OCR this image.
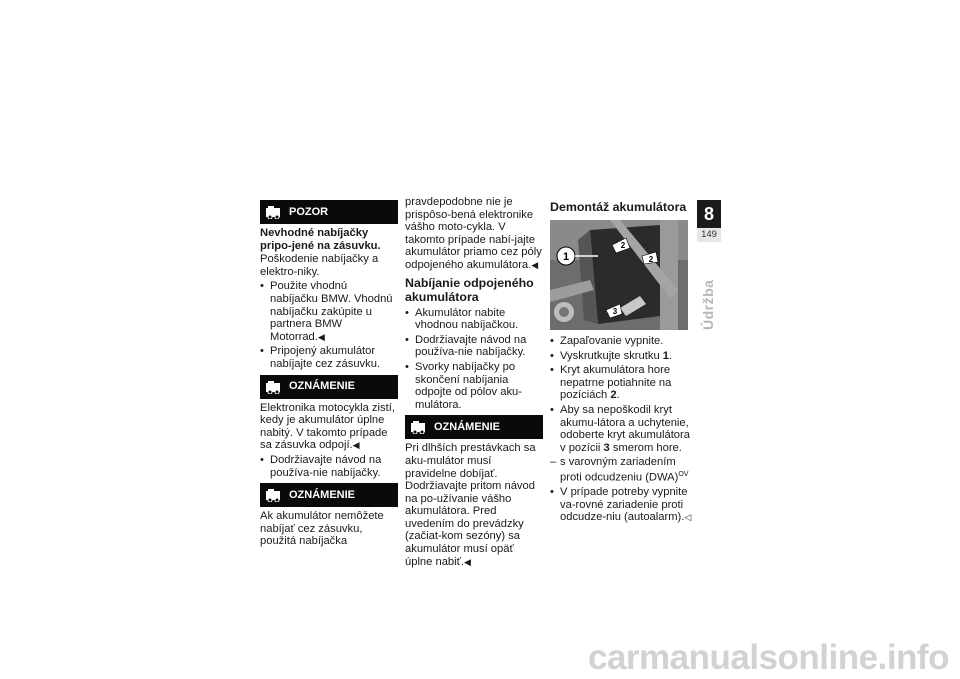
POZOR

Nevhodné nabíjačky pripo-jené na zásuvku.

Poškodenie nabíjačky a elektro-niky.

• Použite vhodnú nabíjačku BMW. Vhodnú nabíjačku zakúpite u partnera BMW Motorrad.◀
• Pripojený akumulátor nabíjajte cez zásuvku.
OZNÁMENIE

Elektronika motocykla zistí, kedy je akumulátor úplne nabitý. V takomto prípade sa zásuvka odpojí.◀

• Dodržiavajte návod na používa-nie nabíjačky.
OZNÁMENIE

Ak akumulátor nemôžete nabíjať cez zásuvku, použitá nabíjačka

pravdepodobne nie je prispôso-bená elektronike vášho moto-cykla. V takomto prípade nabí-jajte akumulátor priamo cez póly odpojeného akumulátora.◀

Nabíjanie odpojeného akumulátora
• Akumulátor nabite vhodnou nabíjačkou.
• Dodržiavajte návod na používa-nie nabíjačky.
• Svorky nabíjačky po skončení nabíjania odpojte od pólov aku-mulátora.
OZNÁMENIE

Pri dlhších prestávkach sa aku-mulátor musí pravidelne dobíjať. Dodržiavajte pritom návod na po-užívanie vášho akumulátora. Pred uvedením do prevádzky (začiat-kom sezóny) sa akumulátor musí opäť úplne nabiť.◀

Demontáž akumulátora
1
2
2
3
• Zapaľovanie vypnite.
• Vyskrutkujte skrutku 1.
• Kryt akumulátora hore nepatrne potiahnite na pozíciách 2.
• Aby sa nepoškodil kryt akumu-látora a uchytenie, odoberte kryt akumulátora v pozícii 3 smerom hore.
– s varovným zariadením proti odcudzeniu (DWA)$^{OV}$
• V prípade potreby vypnite va-rovné zariadenie proti odcudze-niu (autoalarm).◁
8
149
Údržba
carmanualsonline.info
